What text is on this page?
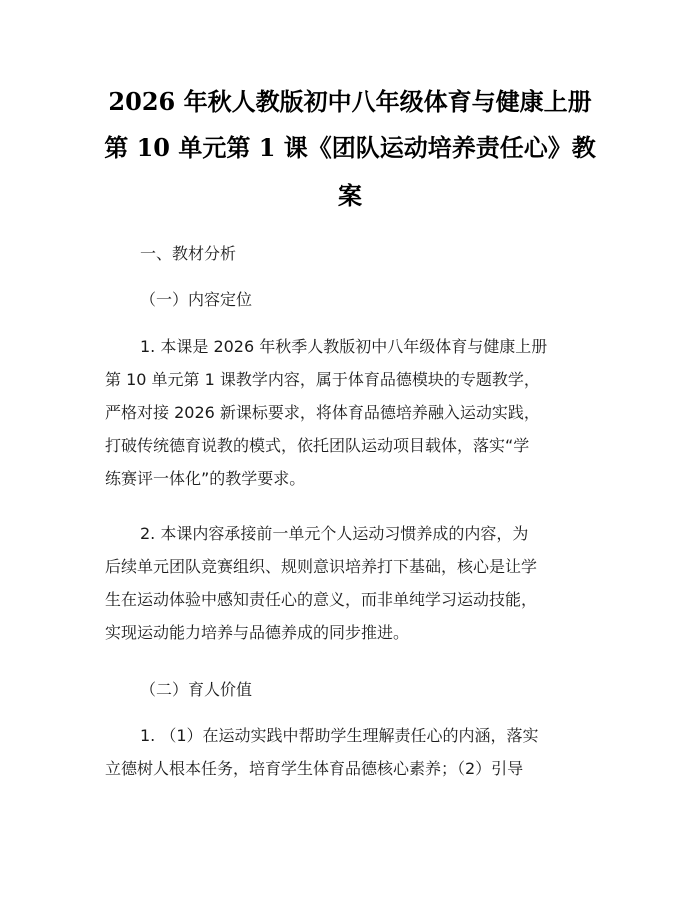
2026 年秋人教版初中八年级体育与健康上册
第 10 单元第 1 课《团队运动培养责任心》教
案
一、教材分析
（一）内容定位
1. 本课是 2026 年秋季人教版初中八年级体育与健康上册
第 10 单元第 1 课教学内容，属于体育品德模块的专题教学，
严格对接 2026 新课标要求，将体育品德培养融入运动实践，
打破传统德育说教的模式，依托团队运动项目载体，落实“学
练赛评一体化”的教学要求。
2. 本课内容承接前一单元个人运动习惯养成的内容，为
后续单元团队竞赛组织、规则意识培养打下基础，核心是让学
生在运动体验中感知责任心的意义，而非单纯学习运动技能，
实现运动能力培养与品德养成的同步推进。
（二）育人价值
1. （1）在运动实践中帮助学生理解责任心的内涵，落实
立德树人根本任务，培育学生体育品德核心素养；（2）引导
